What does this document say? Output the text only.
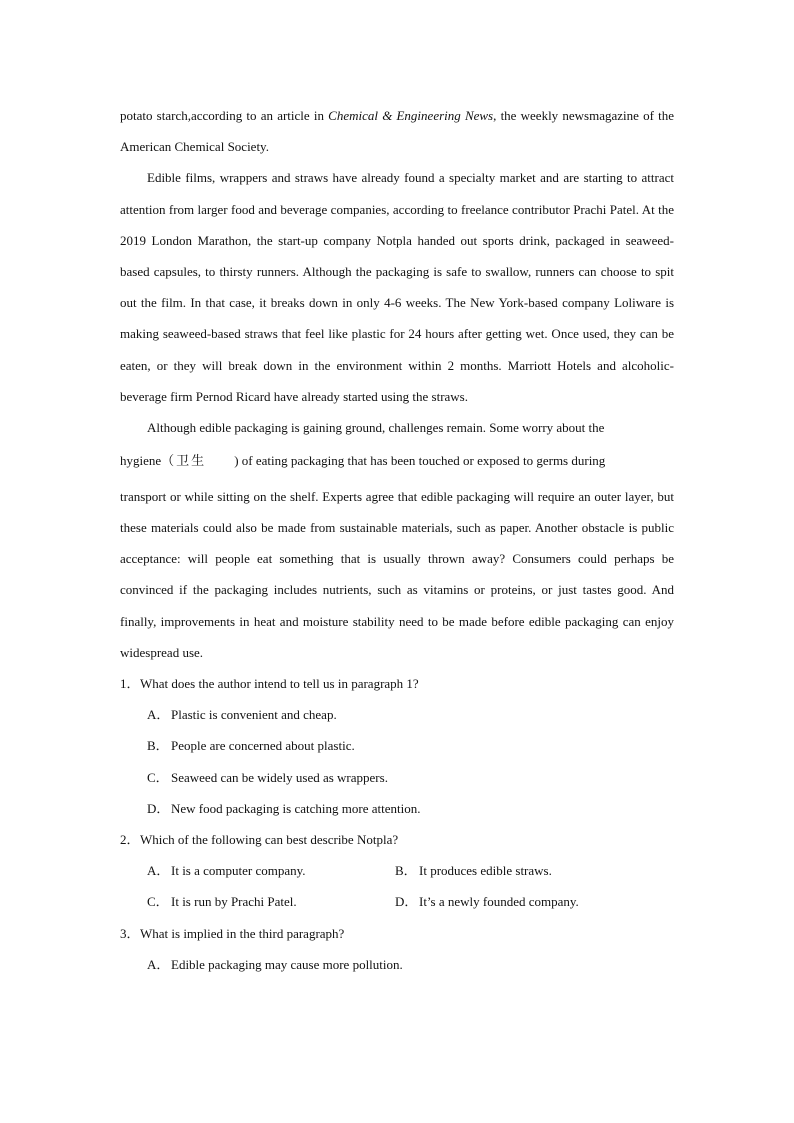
potato starch,according to an article in Chemical & Engineering News, the weekly newsmagazine of the American Chemical Society.

Edible films, wrappers and straws have already found a specialty market and are starting to attract attention from larger food and beverage companies, according to freelance contributor Prachi Patel. At the 2019 London Marathon, the start-up company Notpla handed out sports drink, packaged in seaweed-based capsules, to thirsty runners. Although the packaging is safe to swallow, runners can choose to spit out the film. In that case, it breaks down in only 4-6 weeks. The New York-based company Loliware is making seaweed-based straws that feel like plastic for 24 hours after getting wet. Once used, they can be eaten, or they will break down in the environment within 2 months. Marriott Hotels and alcoholic-beverage firm Pernod Ricard have already started using the straws.

Although edible packaging is gaining ground, challenges remain. Some worry about the

hygiene（卫生 ) of eating packaging that has been touched or exposed to germs during

transport or while sitting on the shelf. Experts agree that edible packaging will require an outer layer, but these materials could also be made from sustainable materials, such as paper. Another obstacle is public acceptance: will people eat something that is usually thrown away? Consumers could perhaps be convinced if the packaging includes nutrients, such as vitamins or proteins, or just tastes good. And finally, improvements in heat and moisture stability need to be made before edible packaging can enjoy widespread use.

1． What does the author intend to tell us in paragraph 1?
A． Plastic is convenient and cheap.
B． People are concerned about plastic.
C． Seaweed can be widely used as wrappers.
D． New food packaging is catching more attention.
2． Which of the following can best describe Notpla?
A． It is a computer company.	B． It produces edible straws.
C． It is run by Prachi Patel.	D． It’s a newly founded company.
3． What is implied in the third paragraph?
A． Edible packaging may cause more pollution.
